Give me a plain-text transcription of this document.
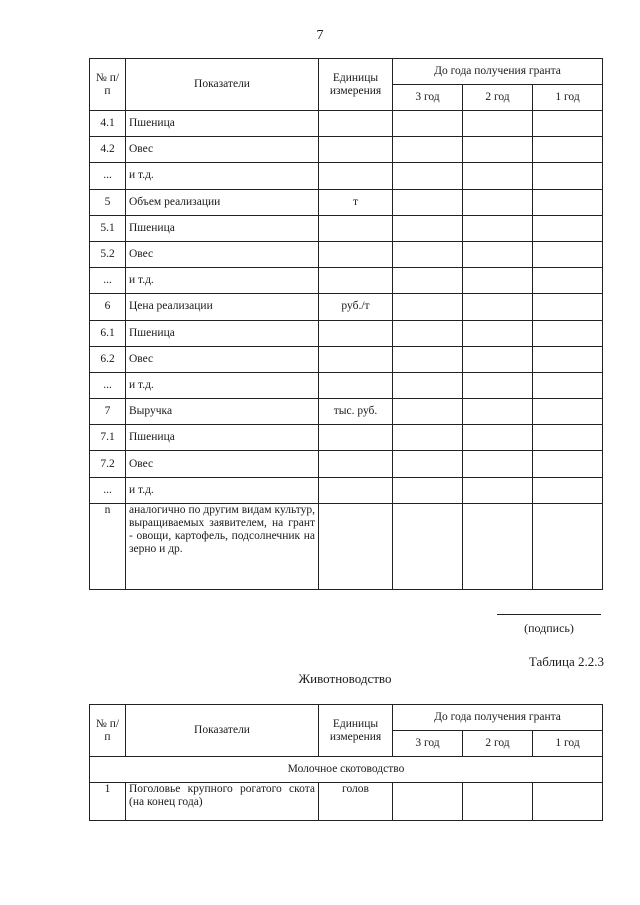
7
№ п/п	Показатели	Единицы измерения	До года получения гранта		
			3 год	2 год	1 год
4.1	Пшеница				
4.2	Овес				
...	и т.д.				
5	Объем реализации	т			
5.1	Пшеница				
5.2	Овес				
...	и т.д.				
6	Цена реализации	руб./т			
6.1	Пшеница				
6.2	Овес				
...	и т.д.				
7	Выручка	тыс. руб.			
7.1	Пшеница				
7.2	Овес				
...	и т.д.				
n	аналогично по другим видам культур, выращиваемых заявителем, на грант - овощи, картофель, подсолнечник на зерно и др.				
(подпись)
Таблица 2.2.3
Животноводство
№ п/п	Показатели	Единицы измерения	До года получения гранта		
			3 год	2 год	1 год
Молочное скотоводство					
1	Поголовье крупного рогатого скота (на конец года)	голов			
